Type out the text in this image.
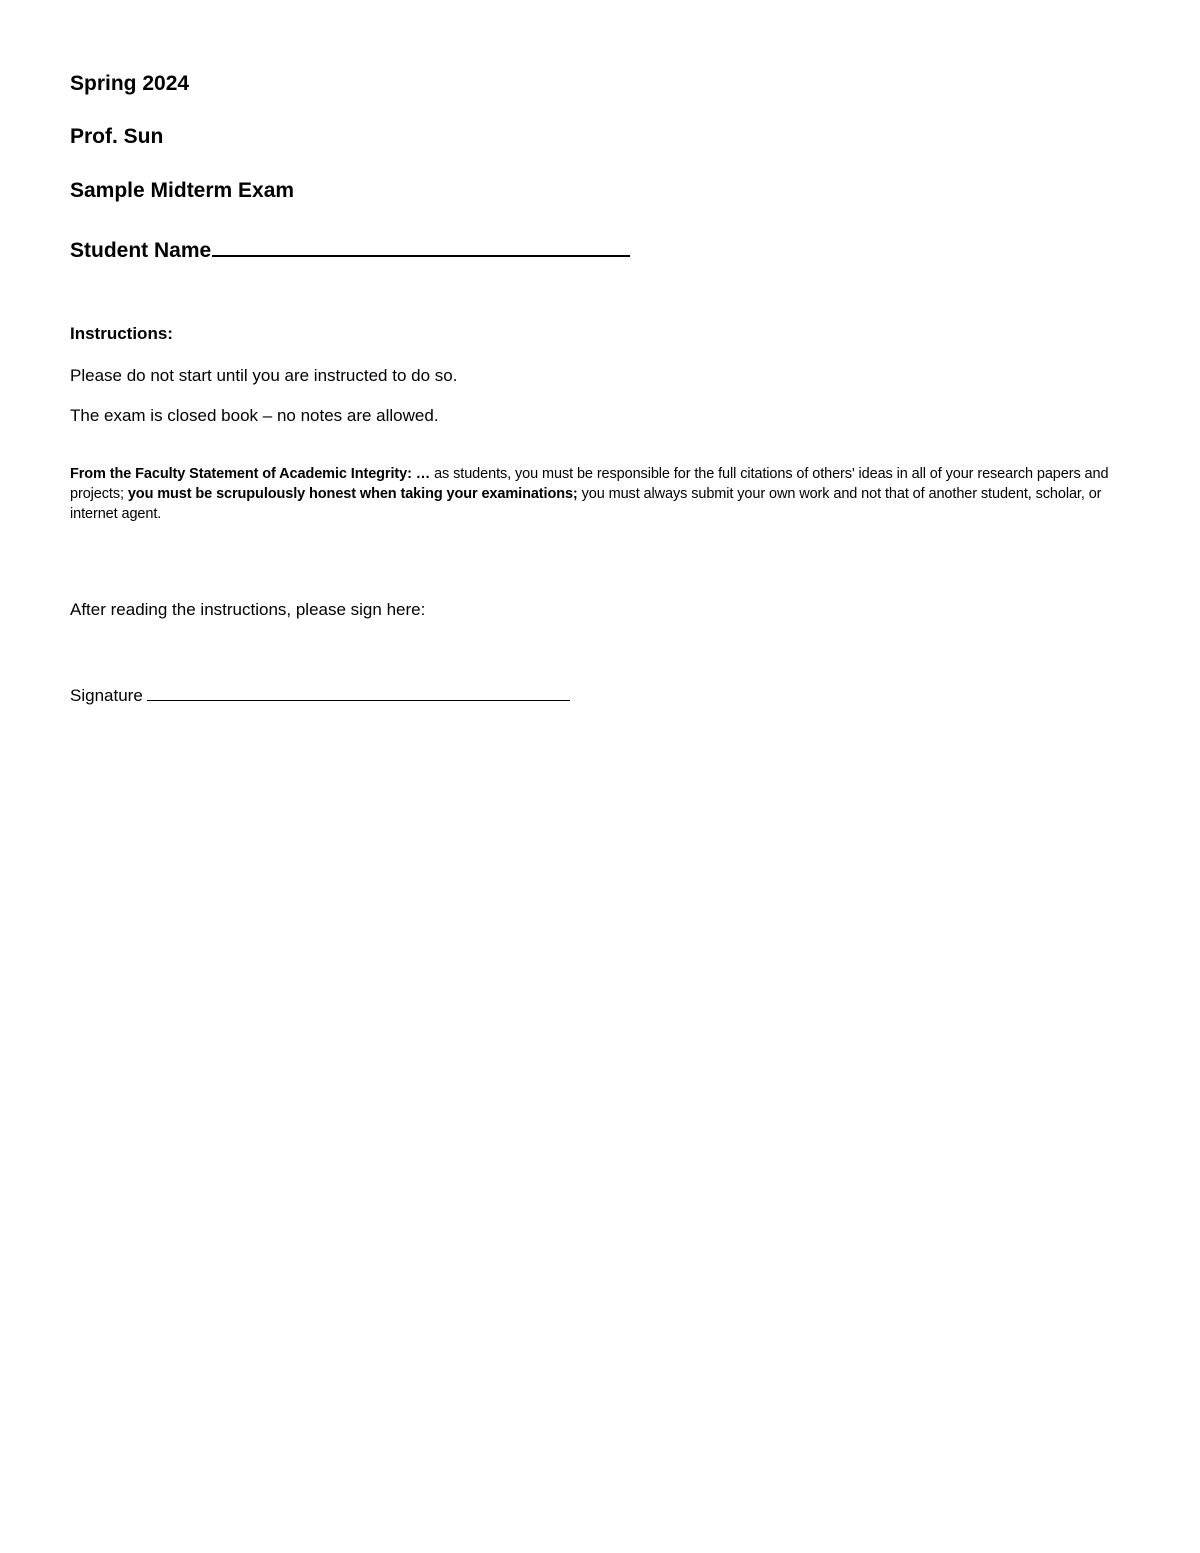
Spring 2024

Prof. Sun

Sample Midterm Exam

Student Name

Instructions:

Please do not start until you are instructed to do so.

The exam is closed book – no notes are allowed.

From the Faculty Statement of Academic Integrity: … as students, you must be responsible for the full citations of others' ideas in all of your research papers and projects; you must be scrupulously honest when taking your examinations; you must always submit your own work and not that of another student, scholar, or internet agent.

After reading the instructions, please sign here:

Signature
